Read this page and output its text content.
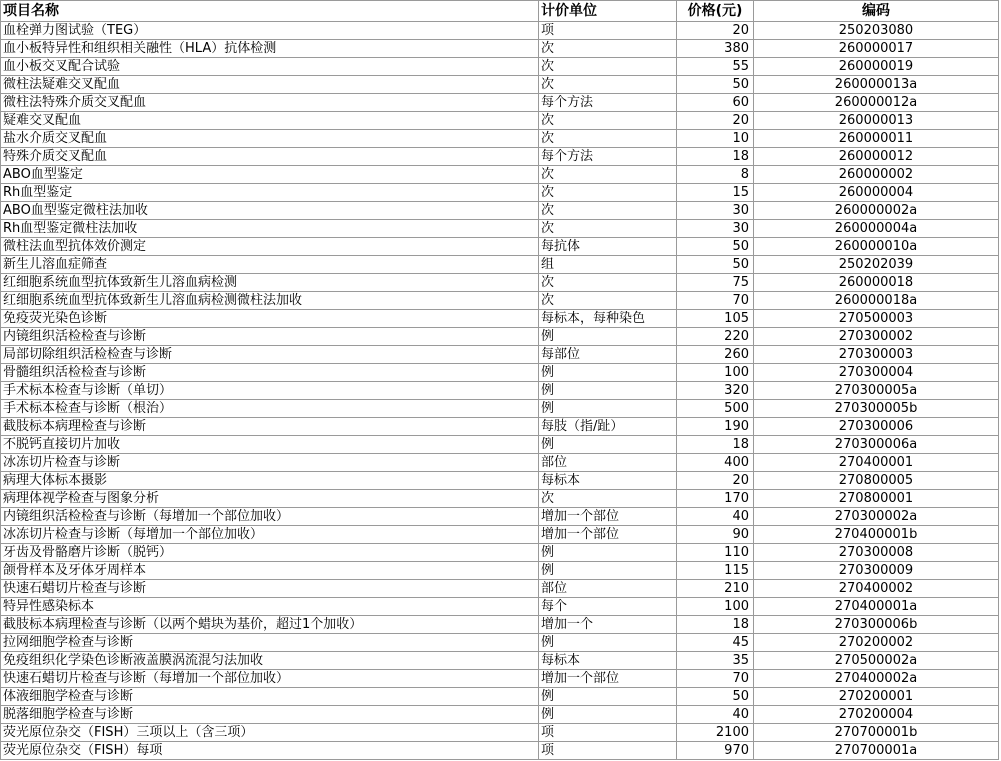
项目名称	计价单位	价格(元)	编码
血栓弹力图试验（TEG）	项	20	250203080
血小板特异性和组织相关融性（HLA）抗体检测	次	380	260000017
血小板交叉配合试验	次	55	260000019
微柱法疑难交叉配血	次	50	260000013a
微柱法特殊介质交叉配血	每个方法	60	260000012a
疑难交叉配血	次	20	260000013
盐水介质交叉配血	次	10	260000011
特殊介质交叉配血	每个方法	18	260000012
ABO血型鉴定	次	8	260000002
Rh血型鉴定	次	15	260000004
ABO血型鉴定微柱法加收	次	30	260000002a
Rh血型鉴定微柱法加收	次	30	260000004a
微柱法血型抗体效价测定	每抗体	50	260000010a
新生儿溶血症筛查	组	50	250202039
红细胞系统血型抗体致新生儿溶血病检测	次	75	260000018
红细胞系统血型抗体致新生儿溶血病检测微柱法加收	次	70	260000018a
免疫荧光染色诊断	每标本，每种染色	105	270500003
内镜组织活检检查与诊断	例	220	270300002
局部切除组织活检检查与诊断	每部位	260	270300003
骨髓组织活检检查与诊断	例	100	270300004
手术标本检查与诊断（单切）	例	320	270300005a
手术标本检查与诊断（根治）	例	500	270300005b
截肢标本病理检查与诊断	每肢（指/趾）	190	270300006
不脱钙直接切片加收	例	18	270300006a
冰冻切片检查与诊断	部位	400	270400001
病理大体标本摄影	每标本	20	270800005
病理体视学检查与图象分析	次	170	270800001
内镜组织活检检查与诊断（每增加一个部位加收）	增加一个部位	40	270300002a
冰冻切片检查与诊断（每增加一个部位加收）	增加一个部位	90	270400001b
牙齿及骨骼磨片诊断（脱钙）	例	110	270300008
颌骨样本及牙体牙周样本	例	115	270300009
快速石蜡切片检查与诊断	部位	210	270400002
特异性感染标本	每个	100	270400001a
截肢标本病理检查与诊断（以两个蜡块为基价，超过1个加收）	增加一个	18	270300006b
拉网细胞学检查与诊断	例	45	270200002
免疫组织化学染色诊断液盖膜涡流混匀法加收	每标本	35	270500002a
快速石蜡切片检查与诊断（每增加一个部位加收）	增加一个部位	70	270400002a
体液细胞学检查与诊断	例	50	270200001
脱落细胞学检查与诊断	例	40	270200004
荧光原位杂交（FISH）三项以上（含三项）	项	2100	270700001b
荧光原位杂交（FISH）每项	项	970	270700001a
